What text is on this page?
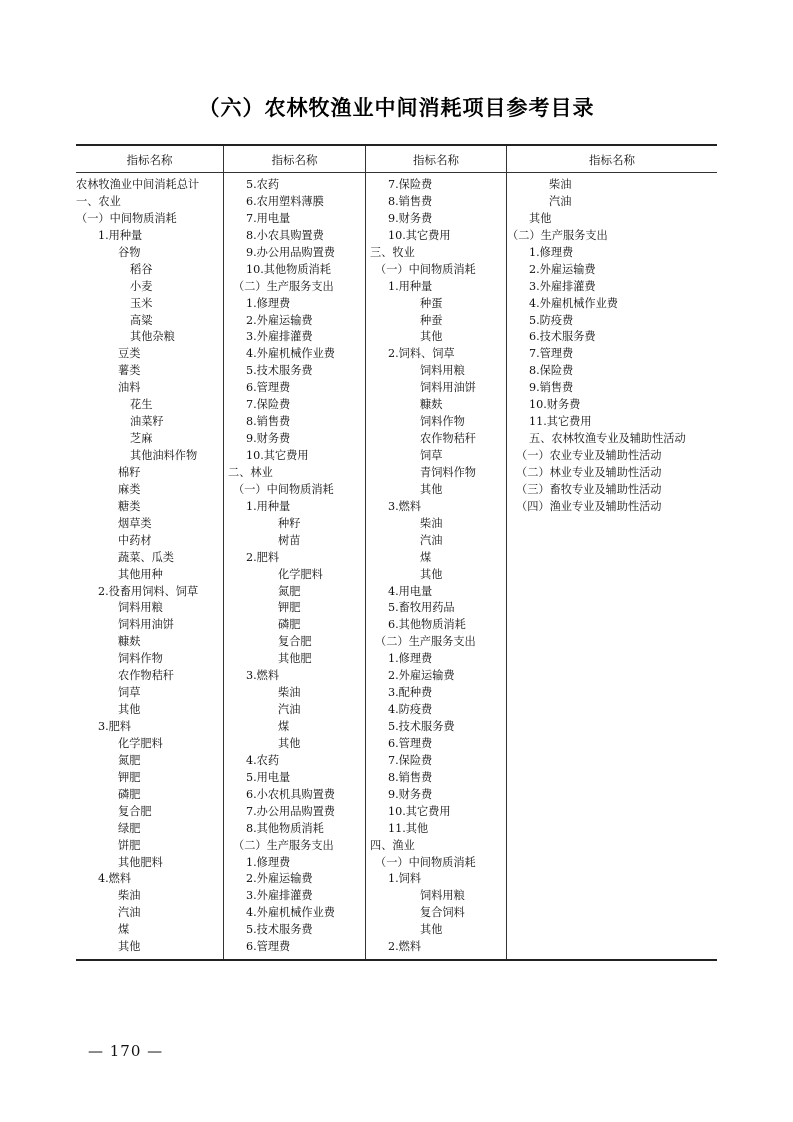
（六）农林牧渔业中间消耗项目参考目录
指标名称
农林牧渔业中间消耗总计
一、农业
（一）中间物质消耗
1.用种量
谷物
稻谷
小麦
玉米
高粱
其他杂粮
豆类
薯类
油料
花生
油菜籽
芝麻
其他油料作物
棉籽
麻类
糖类
烟草类
中药材
蔬菜、瓜类
其他用种
2.役畜用饲料、饲草
饲料用粮
饲料用油饼
糠麸
饲料作物
农作物秸秆
饲草
其他
3.肥料
化学肥料
氮肥
钾肥
磷肥
复合肥
绿肥
饼肥
其他肥料
4.燃料
柴油
汽油
煤
其他
指标名称
5.农药
6.农用塑料薄膜
7.用电量
8.小农具购置费
9.办公用品购置费
10.其他物质消耗
（二）生产服务支出
1.修理费
2.外雇运输费
3.外雇排灌费
4.外雇机械作业费
5.技术服务费
6.管理费
7.保险费
8.销售费
9.财务费
10.其它费用
二、林业
（一）中间物质消耗
1.用种量
种籽
树苗
2.肥料
化学肥料
氮肥
钾肥
磷肥
复合肥
其他肥
3.燃料
柴油
汽油
煤
其他
4.农药
5.用电量
6.小农机具购置费
7.办公用品购置费
8.其他物质消耗
（二）生产服务支出
1.修理费
2.外雇运输费
3.外雇排灌费
4.外雇机械作业费
5.技术服务费
6.管理费
指标名称
7.保险费
8.销售费
9.财务费
10.其它费用
三、牧业
（一）中间物质消耗
1.用种量
种蛋
种蚕
其他
2.饲料、饲草
饲料用粮
饲料用油饼
糠麸
饲料作物
农作物秸秆
饲草
青饲料作物
其他
3.燃料
柴油
汽油
煤
其他
4.用电量
5.畜牧用药品
6.其他物质消耗
（二）生产服务支出
1.修理费
2.外雇运输费
3.配种费
4.防疫费
5.技术服务费
6.管理费
7.保险费
8.销售费
9.财务费
10.其它费用
11.其他
四、渔业
（一）中间物质消耗
1.饲料
饲料用粮
复合饲料
其他
2.燃料
指标名称
柴油
汽油
其他
（二）生产服务支出
1.修理费
2.外雇运输费
3.外雇排灌费
4.外雇机械作业费
5.防疫费
6.技术服务费
7.管理费
8.保险费
9.销售费
10.财务费
11.其它费用
五、农林牧渔专业及辅助性活动
（一）农业专业及辅助性活动
（二）林业专业及辅助性活动
（三）畜牧专业及辅助性活动
（四）渔业专业及辅助性活动
— 170 —
